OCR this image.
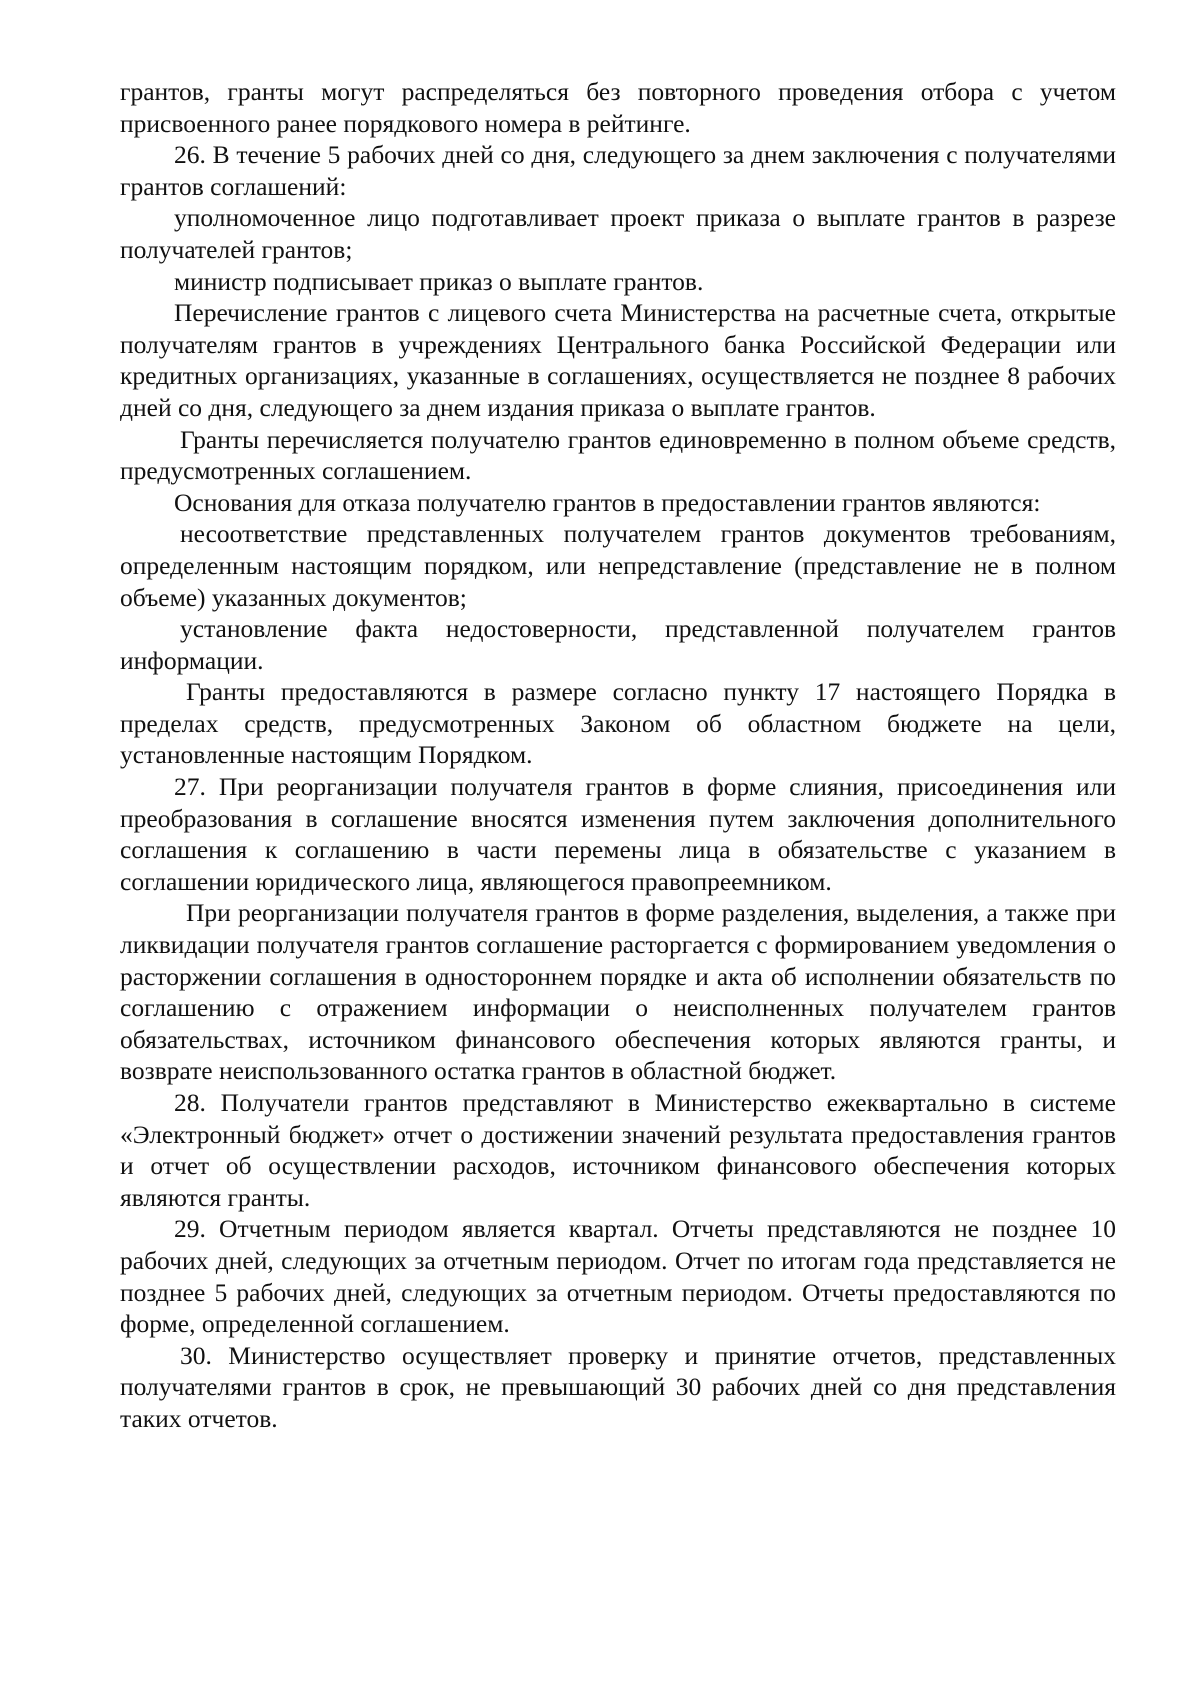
грантов, гранты могут распределяться без повторного проведения отбора с учетом присвоенного ранее порядкового номера в рейтинге.

26. В течение 5 рабочих дней со дня, следующего за днем заключения с получателями грантов соглашений:

уполномоченное лицо подготавливает проект приказа о выплате грантов в разрезе получателей грантов;

министр подписывает приказ о выплате грантов.

Перечисление грантов с лицевого счета Министерства на расчетные счета, открытые получателям грантов в учреждениях Центрального банка Российской Федерации или кредитных организациях, указанные в соглашениях, осуществляется не позднее 8 рабочих дней со дня, следующего за днем издания приказа о выплате грантов.

Гранты перечисляется получателю грантов единовременно в полном объеме средств, предусмотренных соглашением.

Основания для отказа получателю грантов в предоставлении грантов являются:

несоответствие представленных получателем грантов документов требованиям, определенным настоящим порядком, или непредставление (представление не в полном объеме) указанных документов;

установление факта недостоверности, представленной получателем грантов информации.

Гранты предоставляются в размере согласно пункту 17 настоящего Порядка в пределах средств, предусмотренных Законом об областном бюджете на цели, установленные настоящим Порядком.

27. При реорганизации получателя грантов в форме слияния, присоединения или преобразования в соглашение вносятся изменения путем заключения дополнительного соглашения к соглашению в части перемены лица в обязательстве с указанием в соглашении юридического лица, являющегося правопреемником.

При реорганизации получателя грантов в форме разделения, выделения, а также при ликвидации получателя грантов соглашение расторгается с формированием уведомления о расторжении соглашения в одностороннем порядке и акта об исполнении обязательств по соглашению с отражением информации о неисполненных получателем грантов обязательствах, источником финансового обеспечения которых являются гранты, и возврате неиспользованного остатка грантов в областной бюджет.

28. Получатели грантов представляют в Министерство ежеквартально в системе «Электронный бюджет» отчет о достижении значений результата предоставления грантов и отчет об осуществлении расходов, источником финансового обеспечения которых являются гранты.

29. Отчетным периодом является квартал. Отчеты представляются не позднее 10 рабочих дней, следующих за отчетным периодом. Отчет по итогам года представляется не позднее 5 рабочих дней, следующих за отчетным периодом. Отчеты предоставляются по форме, определенной соглашением.

30. Министерство осуществляет проверку и принятие отчетов, представленных получателями грантов в срок, не превышающий 30 рабочих дней со дня представления таких отчетов.
